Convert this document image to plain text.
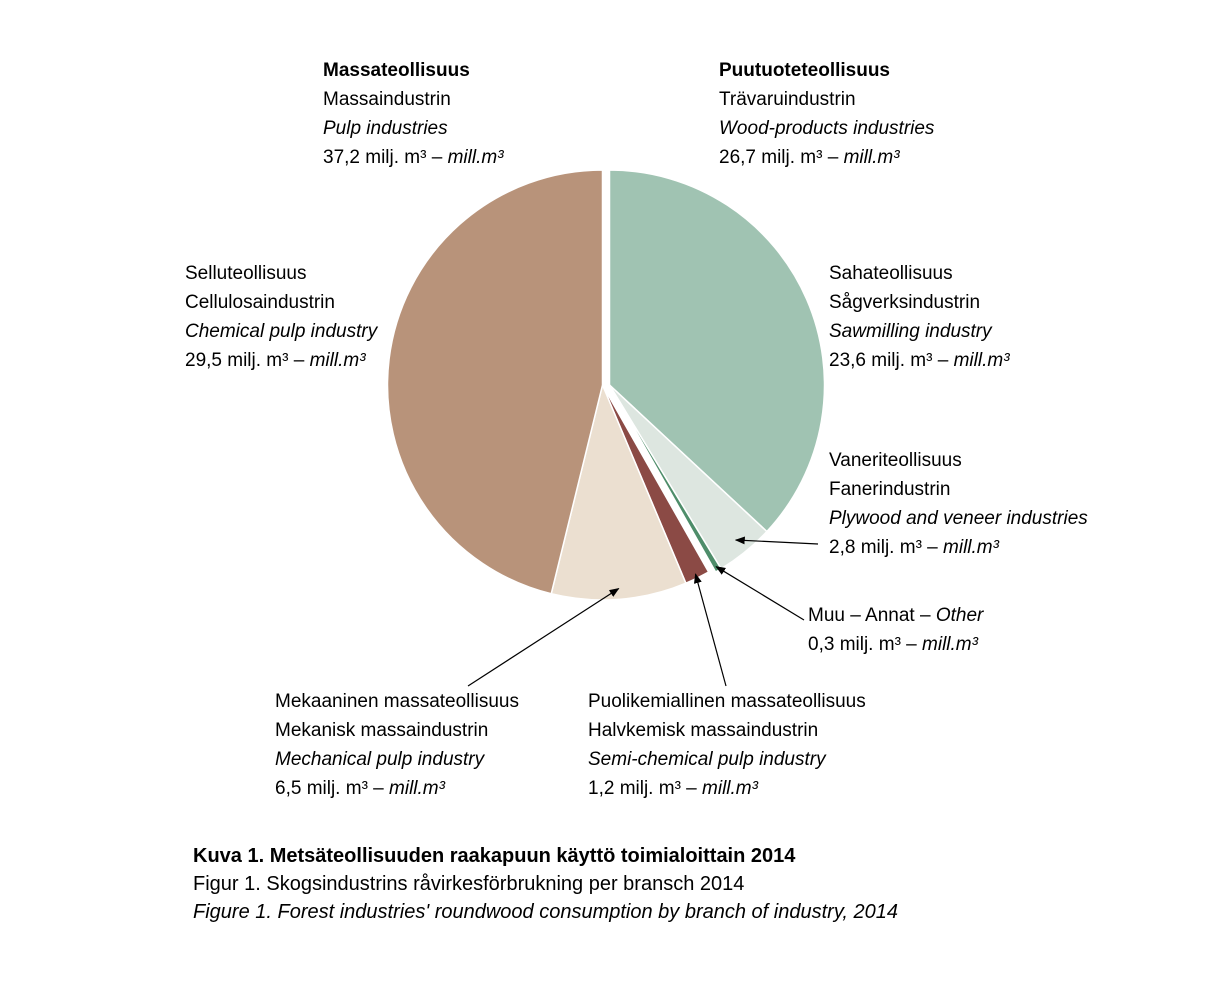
Massateollisuus
Massaindustrin
Pulp industries
37,2 milj. m³ – mill.m³
Puutuoteteollisuus
Trävaruindustrin
Wood-products industries
26,7 milj. m³ – mill.m³
Selluteollisuus
Cellulosaindustrin
Chemical pulp industry
29,5 milj. m³ – mill.m³
Sahateollisuus
Sågverksindustrin
Sawmilling industry
23,6 milj. m³ – mill.m³
Vaneriteollisuus
Fanerindustrin
Plywood and veneer industries
2,8 milj. m³ – mill.m³
Muu – Annat – Other
0,3 milj. m³ – mill.m³
Mekaaninen massateollisuus
Mekanisk massaindustrin
Mechanical pulp industry
6,5 milj. m³ – mill.m³
Puolikemiallinen massateollisuus
Halvkemisk massaindustrin
Semi-chemical pulp industry
1,2 milj. m³ – mill.m³
Kuva 1. Metsäteollisuuden raakapuun käyttö toimialoittain 2014
Figur 1. Skogsindustrins råvirkesförbrukning per bransch 2014
Figure 1. Forest industries' roundwood consumption by branch of industry, 2014
